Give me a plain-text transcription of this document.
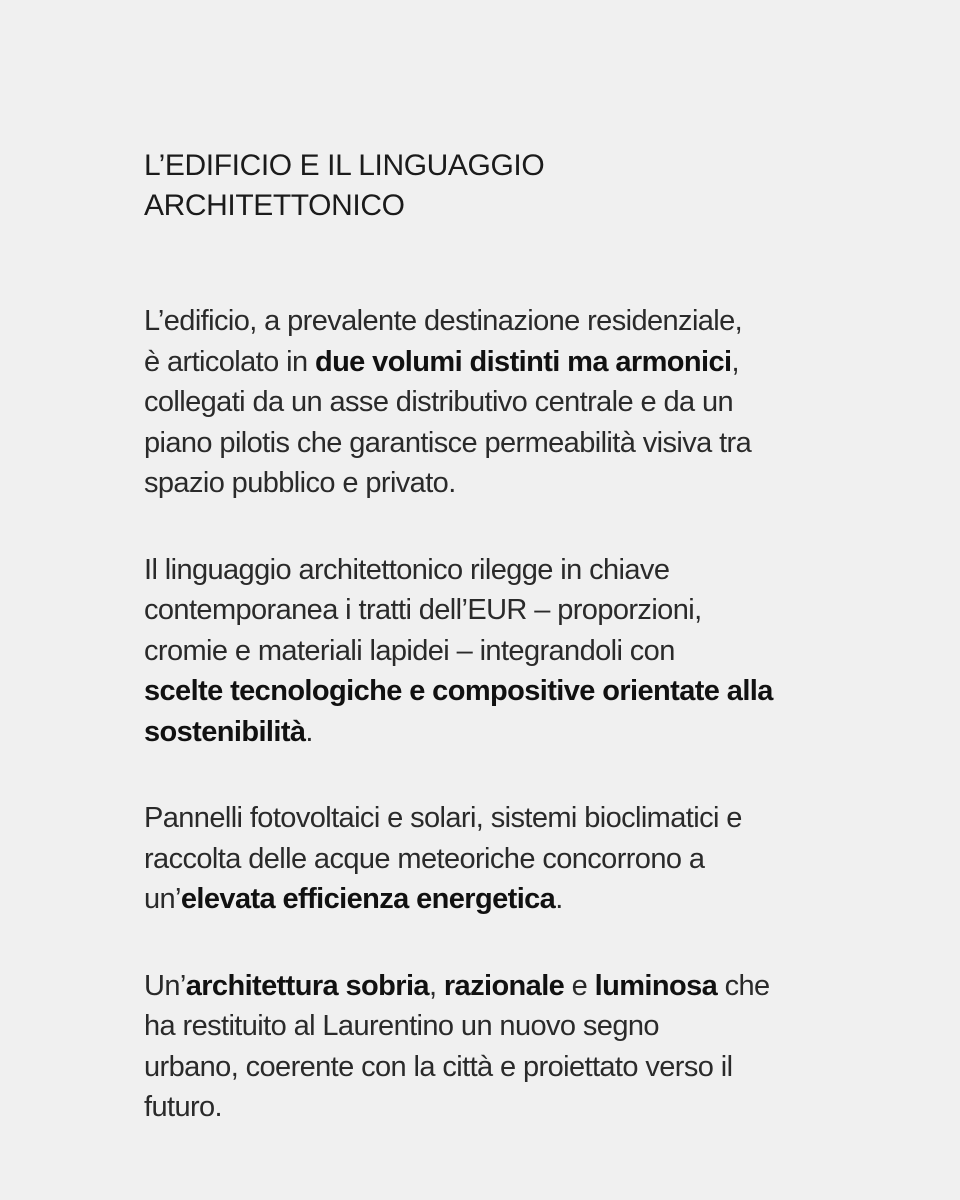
L’EDIFICIO E IL LINGUAGGIO
ARCHITETTONICO

L’edificio, a prevalente destinazione residenziale,
è articolato in due volumi distinti ma armonici,
collegati da un asse distributivo centrale e da un
piano pilotis che garantisce permeabilità visiva tra
spazio pubblico e privato.

Il linguaggio architettonico rilegge in chiave
contemporanea i tratti dell’EUR – proporzioni,
cromie e materiali lapidei – integrandoli con
scelte tecnologiche e compositive orientate alla
sostenibilità.

Pannelli fotovoltaici e solari, sistemi bioclimatici e
raccolta delle acque meteoriche concorrono a
un’elevata efficienza energetica.

Un’architettura sobria, razionale e luminosa che
ha restituito al Laurentino un nuovo segno
urbano, coerente con la città e proiettato verso il
futuro.
